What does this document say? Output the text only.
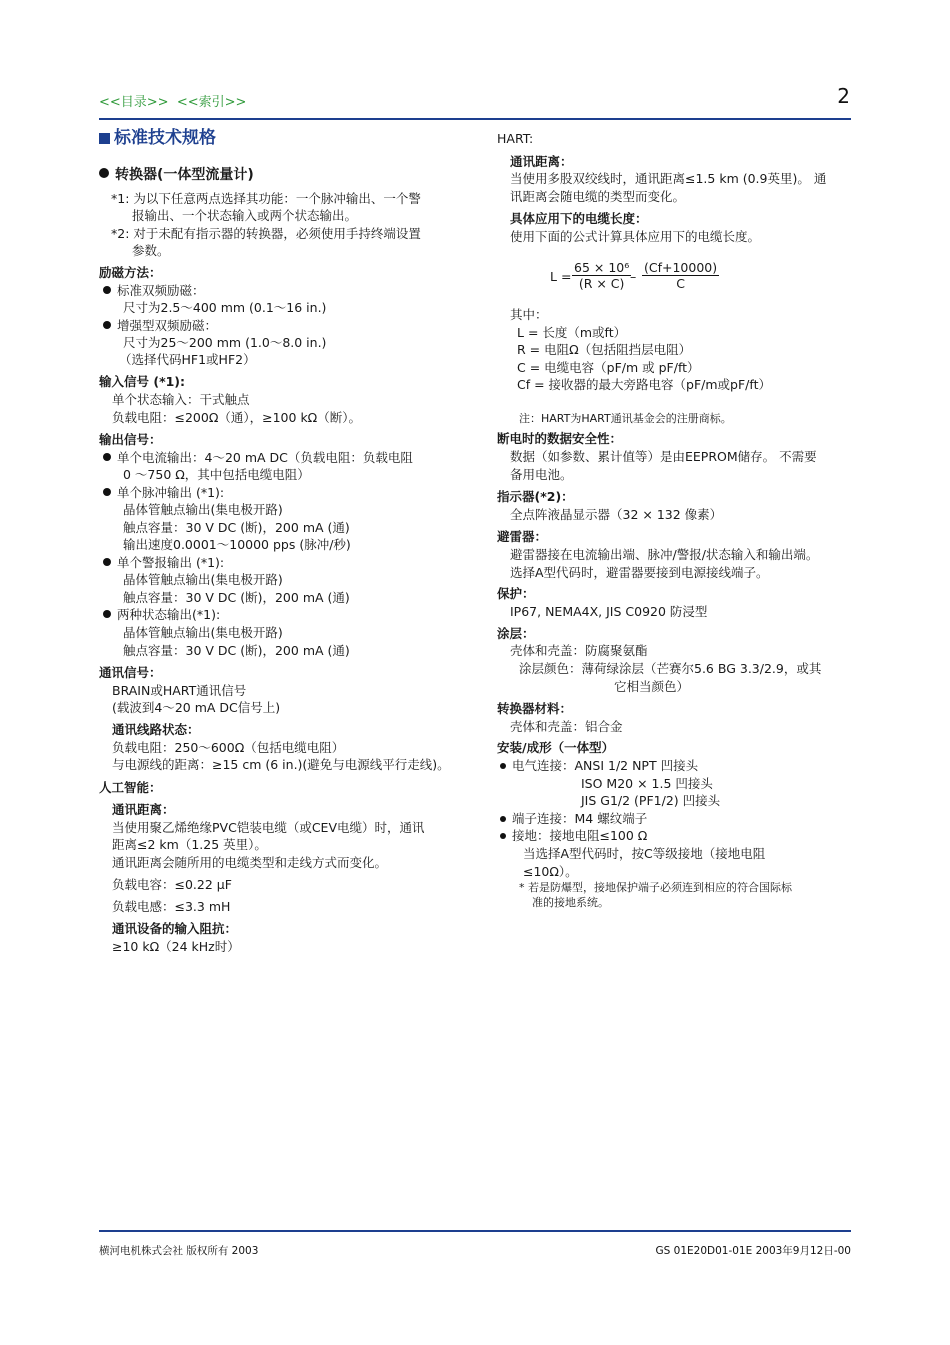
<<目录>> <<索引>>	2
标准技术规格
转换器(一体型流量计)
*1: 为以下任意两点选择其功能：一个脉冲输出、一个警
报输出、一个状态输入或两个状态输出。
*2: 对于未配有指示器的转换器，必须使用手持终端设置
参数。
励磁方法：
标准双频励磁：
尺寸为2.5～400 mm (0.1～16 in.)
增强型双频励磁：
尺寸为25～200 mm (1.0～8.0 in.)
（选择代码HF1或HF2）
输入信号 (*1):
单个状态输入：干式触点
负载电阻：≤200Ω（通），≥100 kΩ（断）。
输出信号：
单个电流输出：4～20 mA DC（负载电阻：负载电阻
0 ～750 Ω，其中包括电缆电阻）
单个脉冲输出 (*1):
晶体管触点输出(集电极开路)
触点容量：30 V DC (断)，200 mA (通)
输出速度0.0001～10000 pps (脉冲/秒)
单个警报输出 (*1):
晶体管触点输出(集电极开路)
触点容量：30 V DC (断)，200 mA (通)
两种状态输出(*1):
晶体管触点输出(集电极开路)
触点容量：30 V DC (断)，200 mA (通)
通讯信号：
BRAIN或HART通讯信号
(载波到4～20 mA DC信号上)
通讯线路状态：
负载电阻：250～600Ω（包括电缆电阻）
与电源线的距离：≥15 cm (6 in.)(避免与电源线平行走线)。
人工智能：
通讯距离：
当使用聚乙烯绝缘PVC铠装电缆（或CEV电缆）时，通讯
距离≤2 km（1.25 英里）。
通讯距离会随所用的电缆类型和走线方式而变化。
负载电容：≤0.22 μF
负载电感：≤3.3 mH
通讯设备的输入阻抗：
≥10 kΩ（24 kHz时）
HART:
通讯距离：
当使用多股双绞线时，通讯距离≤1.5 km (0.9英里)。 通
讯距离会随电缆的类型而变化。
具体应用下的电缆长度：
使用下面的公式计算具体应用下的电缆长度。
$L = \frac{\text{65 × 10⁶}}{(R \times C)}$
– $\frac{(Cf+10000)}{C}$
其中：
L = 长度（m或ft）
R = 电阻Ω（包括阻挡层电阻）
C = 电缆电容（pF/m 或 pF/ft）
Cf = 接收器的最大旁路电容（pF/m或pF/ft）
注：HART为HART通讯基金会的注册商标。
断电时的数据安全性：
数据（如参数、累计值等）是由EEPROM储存。 不需要
备用电池。
指示器(*2)：
全点阵液晶显示器（32 × 132 像素）
避雷器：
避雷器接在电流输出端、脉冲/警报/状态输入和输出端。
选择A型代码时，避雷器要接到电源接线端子。
保护：
IP67, NEMA4X, JIS C0920 防浸型
涂层：
壳体和壳盖：防腐聚氨酯
涂层颜色：薄荷绿涂层（芒赛尔5.6 BG 3.3/2.9，或其
它相当颜色）
转换器材料：
壳体和壳盖：铝合金
安装/成形（一体型）
电气连接：ANSI 1/2 NPT 凹接头
ISO M20 × 1.5 凹接头
JIS G1/2 (PF1/2) 凹接头
端子连接：M4 螺纹端子
接地：接地电阻≤100 Ω
当选择A型代码时，按C等级接地（接地电阻
≤10Ω）。
* 若是防爆型，接地保护端子必须连到相应的符合国际标
准的接地系统。
横河电机株式会社 版权所有 2003	GS 01E20D01-01E 2003年9月12日-00
